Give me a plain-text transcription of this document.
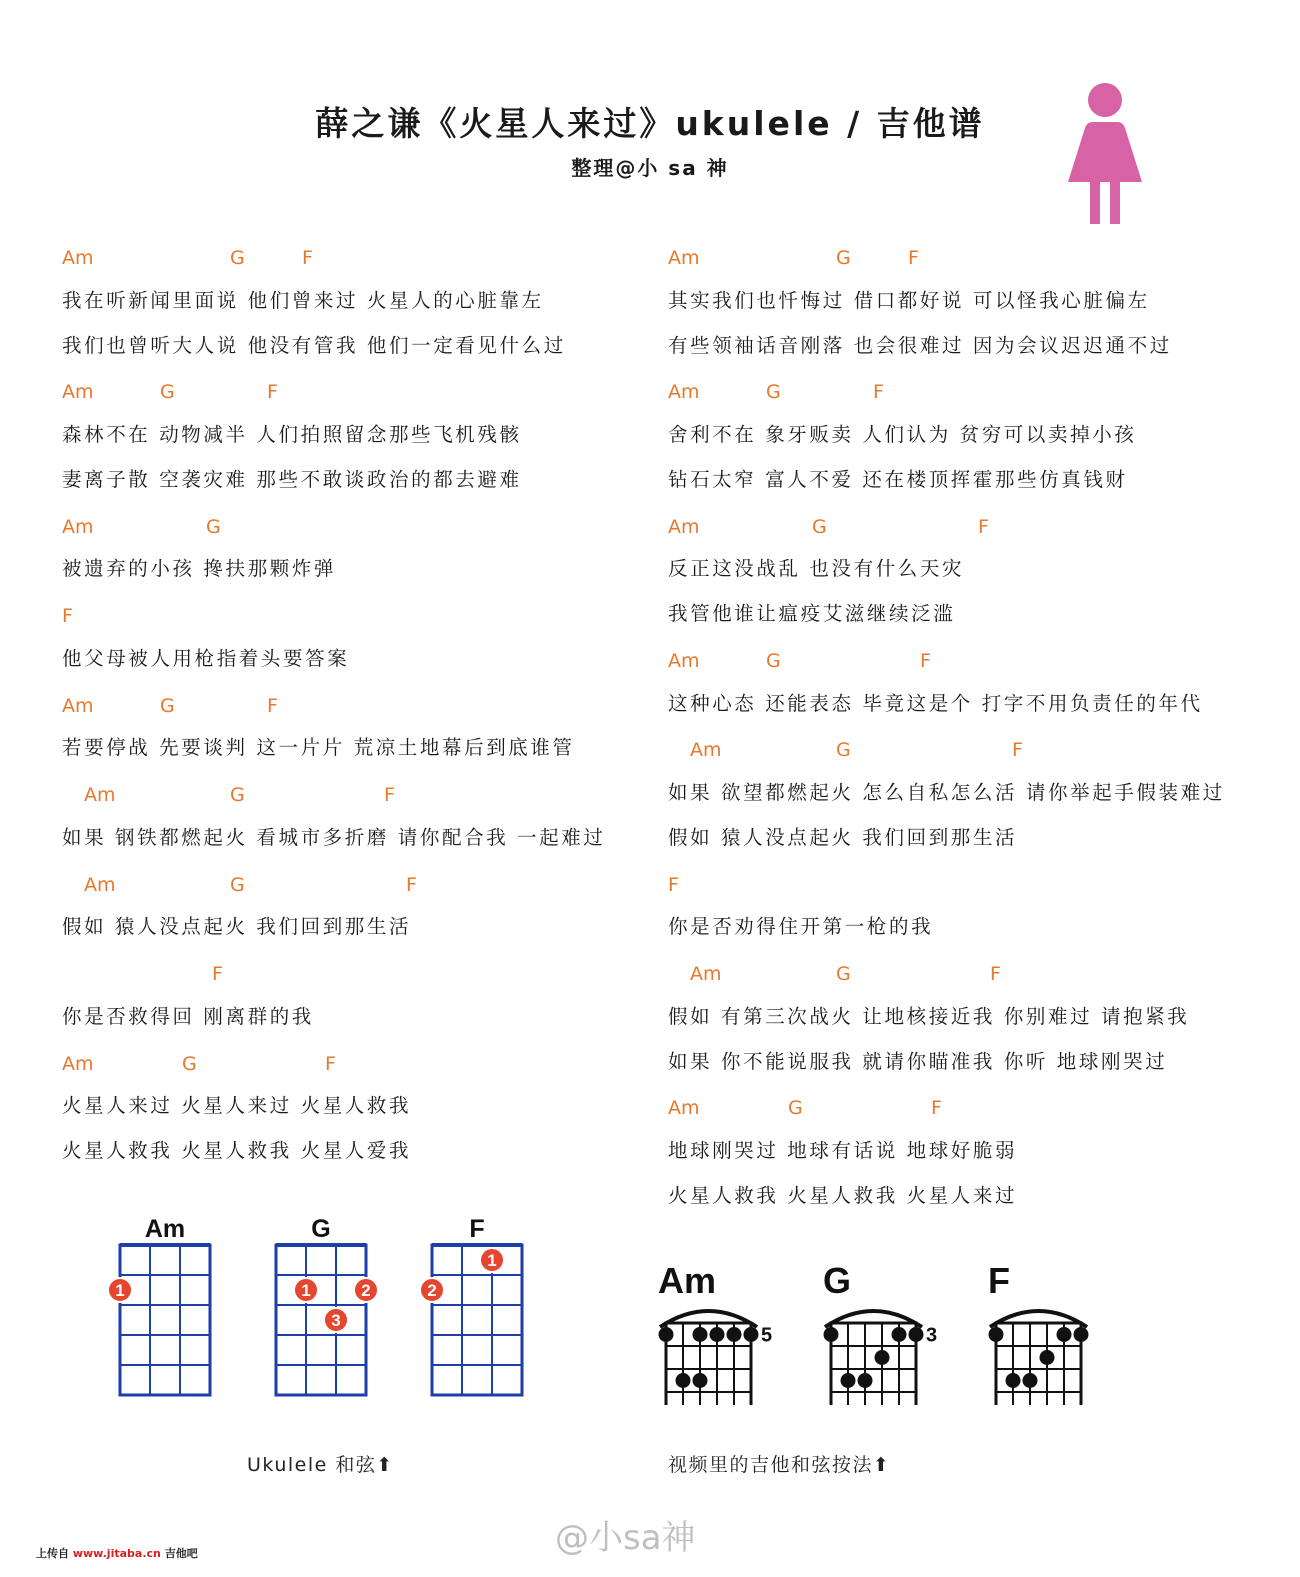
薛之谦《火星人来过》ukulele / 吉他谱
整理@小 sa 神
Am	G	F
我在听新闻里面说 他们曾来过 火星人的心脏靠左
我们也曾听大人说 他没有管我 他们一定看见什么过
Am	G	F
森林不在 动物减半 人们拍照留念那些飞机残骸
妻离子散 空袭灾难 那些不敢谈政治的都去避难
Am	G
被遗弃的小孩 搀扶那颗炸弹
F
他父母被人用枪指着头要答案
Am	G	F
若要停战 先要谈判 这一片片 荒凉土地幕后到底谁管
Am	G	F
如果 钢铁都燃起火 看城市多折磨 请你配合我 一起难过
Am	G	F
假如 猿人没点起火 我们回到那生活
F
你是否救得回 刚离群的我
Am	G	F
火星人来过 火星人来过 火星人救我
火星人救我 火星人救我 火星人爱我
Am	G	F
其实我们也忏悔过 借口都好说 可以怪我心脏偏左
有些领袖话音刚落 也会很难过 因为会议迟迟通不过
Am	G	F
舍利不在 象牙贩卖 人们认为 贫穷可以卖掉小孩
钻石太窄 富人不爱 还在楼顶挥霍那些仿真钱财
Am	G	F
反正这没战乱 也没有什么天灾
我管他谁让瘟疫艾滋继续泛滥
Am	G	F
这种心态 还能表态 毕竟这是个 打字不用负责任的年代
Am	G	F
如果 欲望都燃起火 怎么自私怎么活 请你举起手假装难过
假如 猿人没点起火 我们回到那生活
F
你是否劝得住开第一枪的我
Am	G	F
假如 有第三次战火 让地核接近我 你别难过 请抱紧我
如果 你不能说服我 就请你瞄准我 你听 地球刚哭过
Am	G	F
地球刚哭过 地球有话说 地球好脆弱
火星人救我 火星人救我 火星人来过
Am
1
G
1	2
3
F
1
2	Am
5
G
3
F
Ukulele 和弦⬆	视频里的吉他和弦按法⬆
@小sa神
上传自 www.jitaba.cn 吉他吧
